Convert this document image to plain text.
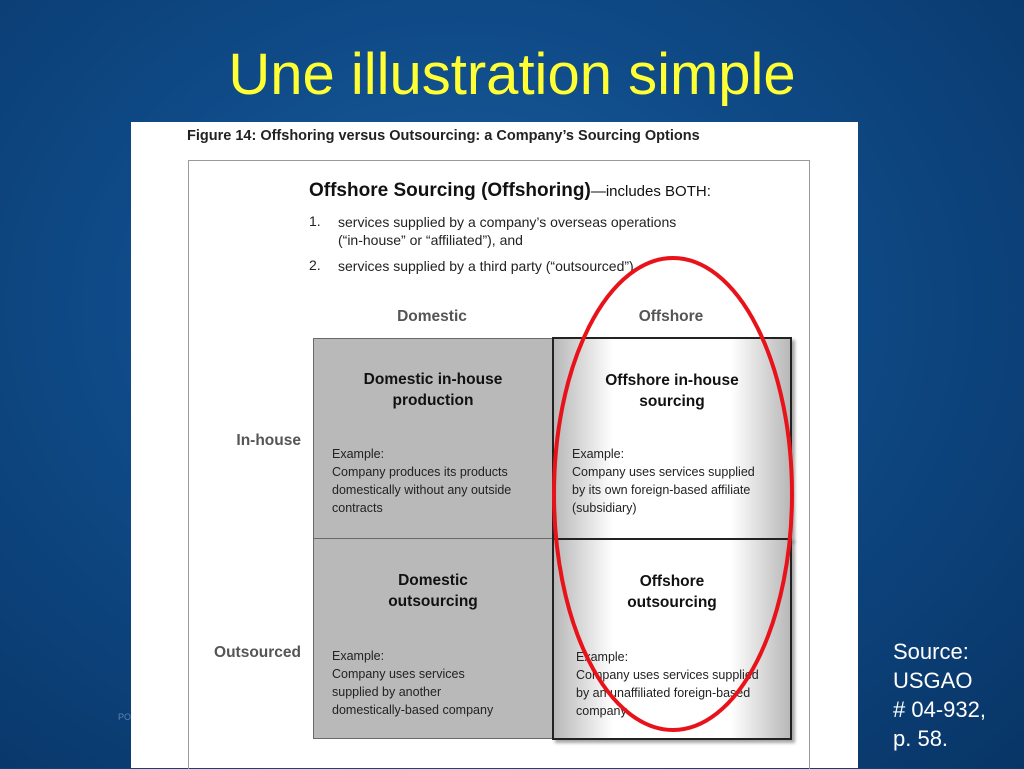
Une illustration simple
PO
Figure 14: Offshoring versus Outsourcing: a Company’s Sourcing Options
Offshore Sourcing (Offshoring)—includes BOTH:
1. services supplied by a company’s overseas operations
(“in-house” or “affiliated”), and
2. services supplied by a third party (“outsourced”)
Domestic	Offshore
In-house
Outsourced
Domestic in-house
production
Example:
Company produces its products
domestically without any outside
contracts
Offshore in-house
sourcing
Example:
Company uses services supplied
by its own foreign-based affiliate
(subsidiary)
Domestic
outsourcing
Example:
Company uses services
supplied by another
domestically-based company
Offshore
outsourcing
Example:
Company uses services supplied
by an unaffiliated foreign-based
company
Source:
USGAO
# 04-932,
p. 58.
